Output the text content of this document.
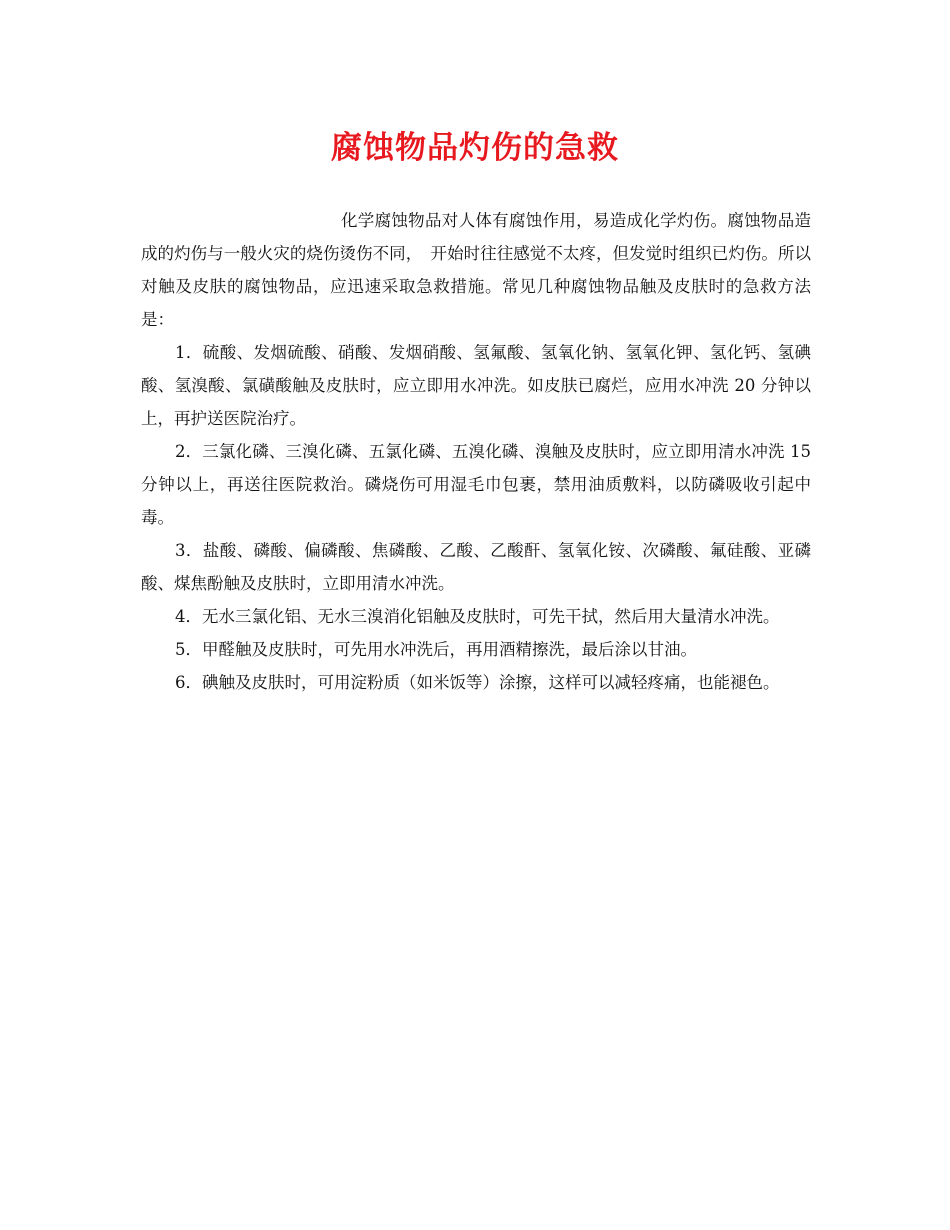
腐蚀物品灼伤的急救

化学腐蚀物品对人体有腐蚀作用，易造成化学灼伤。腐蚀物品造成的灼伤与一般火灾的烧伤烫伤不同，　开始时往往感觉不太疼，但发觉时组织已灼伤。所以对触及皮肤的腐蚀物品，应迅速采取急救措施。常见几种腐蚀物品触及皮肤时的急救方法是：

1．硫酸、发烟硫酸、硝酸、发烟硝酸、氢氟酸、氢氧化钠、氢氧化钾、氢化钙、氢碘酸、氢溴酸、氯磺酸触及皮肤时，应立即用水冲洗。如皮肤已腐烂，应用水冲洗 20 分钟以上，再护送医院治疗。

2．三氯化磷、三溴化磷、五氯化磷、五溴化磷、溴触及皮肤时，应立即用清水冲洗 15 分钟以上，再送往医院救治。磷烧伤可用湿毛巾包裹，禁用油质敷料，以防磷吸收引起中毒。

3．盐酸、磷酸、偏磷酸、焦磷酸、乙酸、乙酸酐、氢氧化铵、次磷酸、氟硅酸、亚磷酸、煤焦酚触及皮肤时，立即用清水冲洗。

4．无水三氯化铝、无水三溴消化铝触及皮肤时，可先干拭，然后用大量清水冲洗。

5．甲醛触及皮肤时，可先用水冲洗后，再用酒精擦洗，最后涂以甘油。

6．碘触及皮肤时，可用淀粉质（如米饭等）涂擦，这样可以减轻疼痛，也能褪色。
